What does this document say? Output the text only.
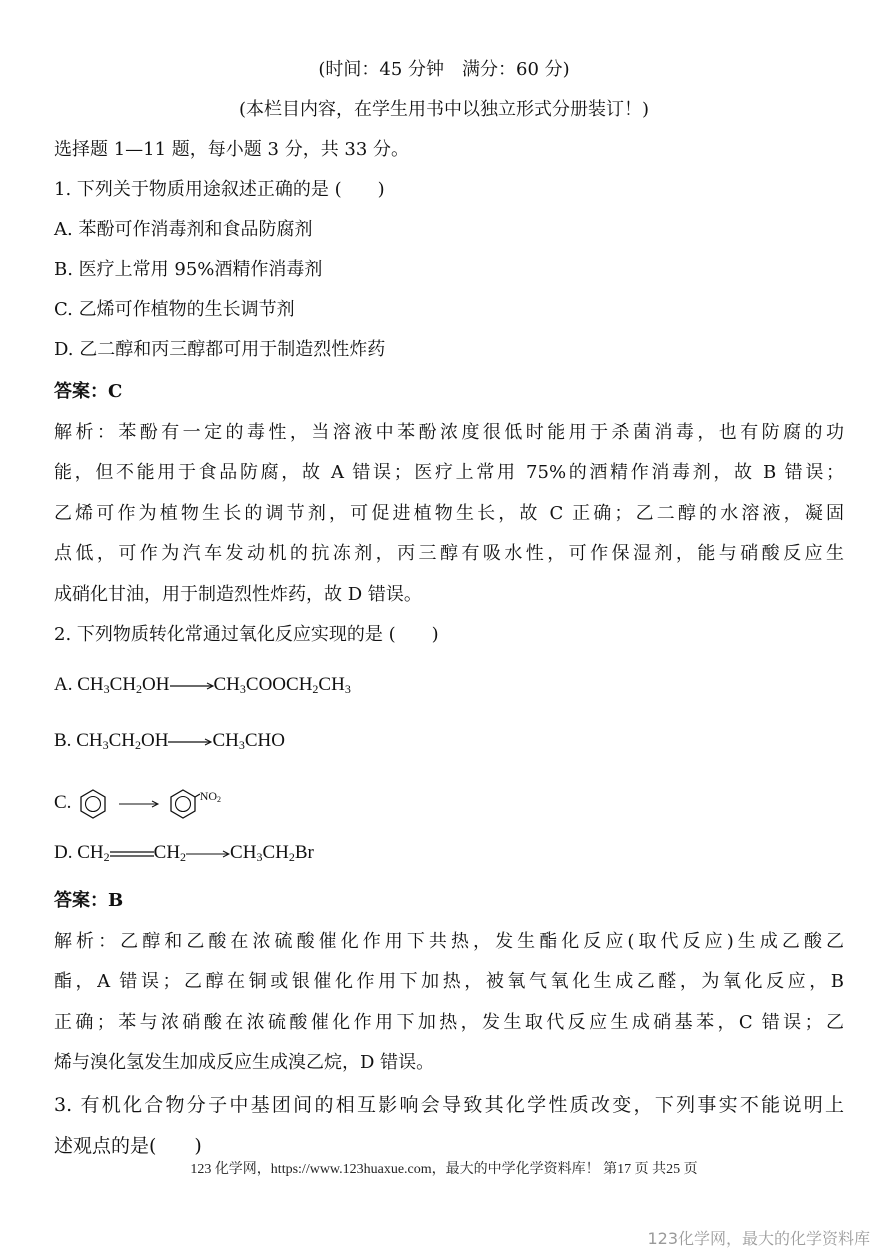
(时间：45 分钟　满分：60 分)
(本栏目内容，在学生用书中以独立形式分册装订！)
选择题 1—11 题，每小题 3 分，共 33 分。
1. 下列关于物质用途叙述正确的是 (　　)
A. 苯酚可作消毒剂和食品防腐剂
B. 医疗上常用 95%酒精作消毒剂
C. 乙烯可作植物的生长调节剂
D. 乙二醇和丙三醇都可用于制造烈性炸药
答案：C
解析：苯酚有一定的毒性，当溶液中苯酚浓度很低时能用于杀菌消毒，也有防腐的功
能，但不能用于食品防腐，故 A 错误；医疗上常用 75%的酒精作消毒剂，故 B 错误；
乙烯可作为植物生长的调节剂，可促进植物生长，故 C 正确；乙二醇的水溶液，凝固
点低，可作为汽车发动机的抗冻剂，丙三醇有吸水性，可作保湿剂，能与硝酸反应生
成硝化甘油，用于制造烈性炸药，故 D 错误。
2. 下列物质转化常通过氧化反应实现的是 (　　)
A. $CH_3CH_2OH\to CH_3COOCH_2CH_3$
B. $CH_3CH_2OH\to CH_3CHO$
C.	$^{NO_2}$
D. $CH_2$ $CH_2\to CH_3CH_2Br$
答案：B
解析：乙醇和乙酸在浓硫酸催化作用下共热，发生酯化反应(取代反应)生成乙酸乙
酯，A 错误；乙醇在铜或银催化作用下加热，被氧气氧化生成乙醛，为氧化反应，B
正确；苯与浓硝酸在浓硫酸催化作用下加热，发生取代反应生成硝基苯，C 错误；乙
烯与溴化氢发生加成反应生成溴乙烷，D 错误。
3. 有机化合物分子中基团间的相互影响会导致其化学性质改变，下列事实不能说明上
述观点的是(　　)
123 化学网，https://www.123huaxue.com，最大的中学化学资料库！ 第17 页 共25 页
123化学网，最大的化学资料库
